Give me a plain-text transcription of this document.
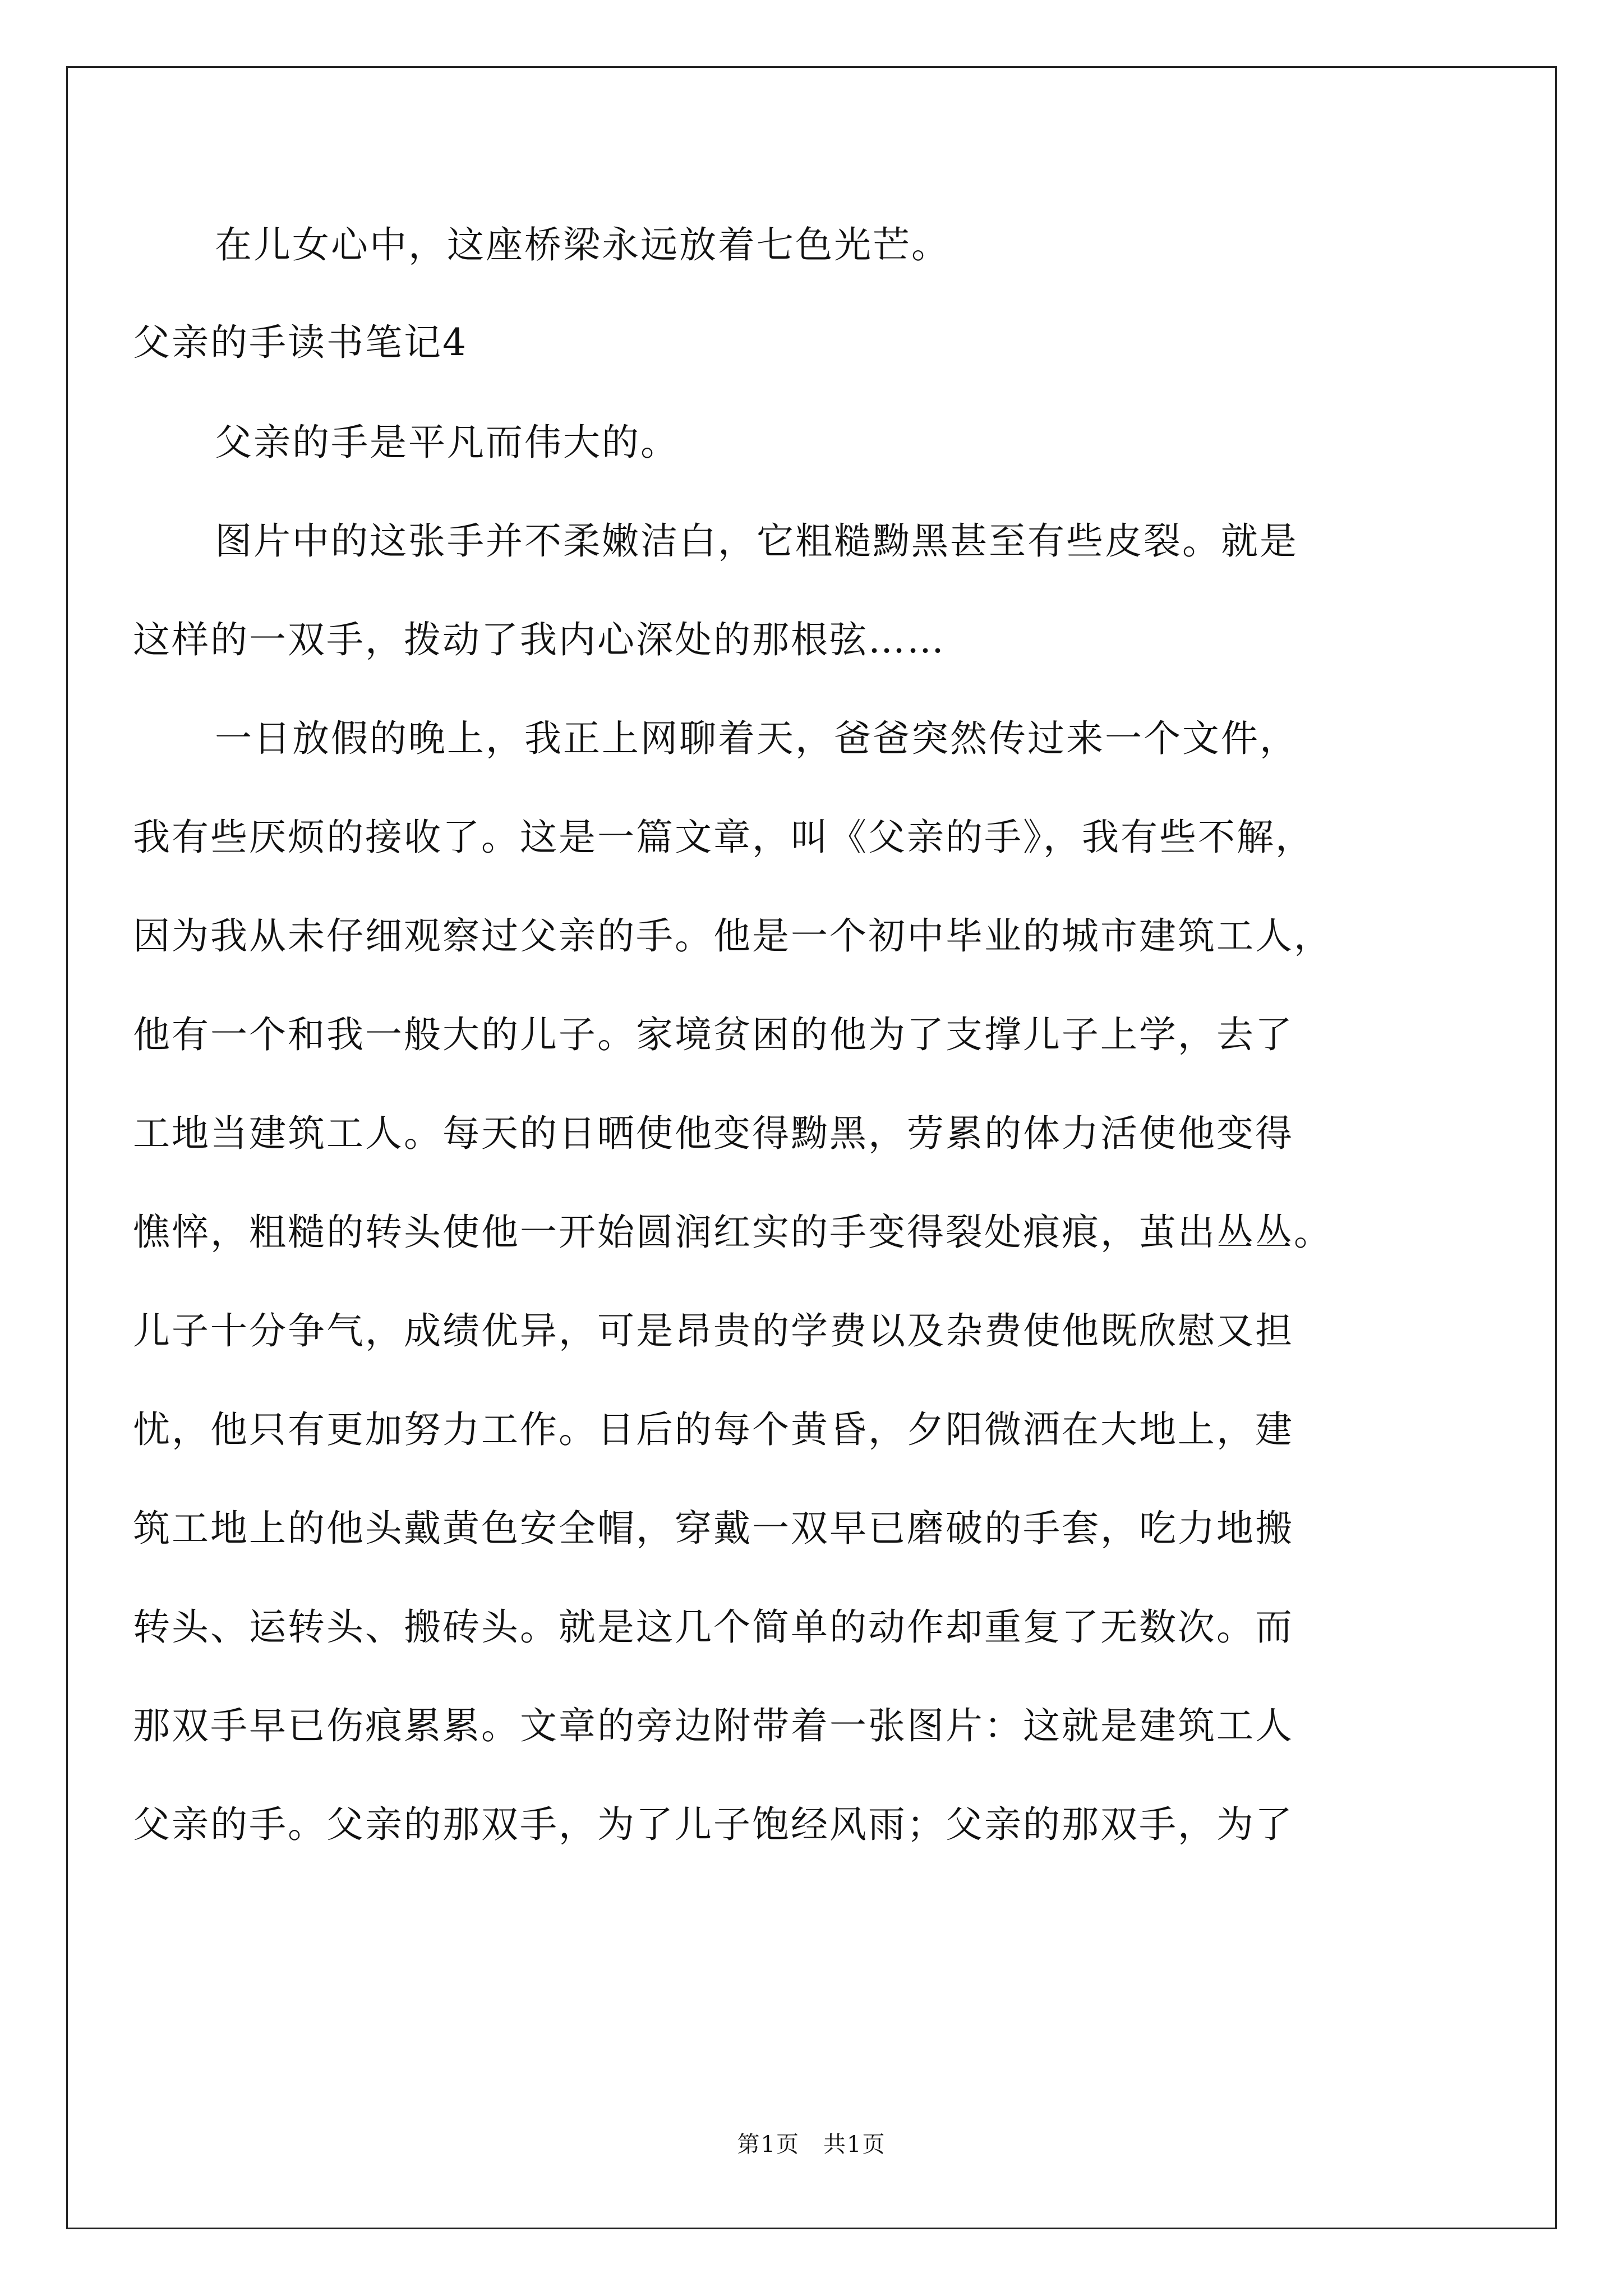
在儿女心中，这座桥梁永远放着七色光芒。
父亲的手读书笔记4
父亲的手是平凡而伟大的。
图片中的这张手并不柔嫩洁白，它粗糙黝黑甚至有些皮裂。就是
这样的一双手，拨动了我内心深处的那根弦……
一日放假的晚上，我正上网聊着天，爸爸突然传过来一个文件，
我有些厌烦的接收了。这是一篇文章，叫《父亲的手》，我有些不解，
因为我从未仔细观察过父亲的手。他是一个初中毕业的城市建筑工人，
他有一个和我一般大的儿子。家境贫困的他为了支撑儿子上学，去了
工地当建筑工人。每天的日晒使他变得黝黑，劳累的体力活使他变得
憔悴，粗糙的转头使他一开始圆润红实的手变得裂处痕痕，茧出丛丛。
儿子十分争气，成绩优异，可是昂贵的学费以及杂费使他既欣慰又担
忧，他只有更加努力工作。日后的每个黄昏，夕阳微洒在大地上，建
筑工地上的他头戴黄色安全帽，穿戴一双早已磨破的手套，吃力地搬
转头、运转头、搬砖头。就是这几个简单的动作却重复了无数次。而
那双手早已伤痕累累。文章的旁边附带着一张图片：这就是建筑工人
父亲的手。父亲的那双手，为了儿子饱经风雨；父亲的那双手，为了
第1页　共1页
